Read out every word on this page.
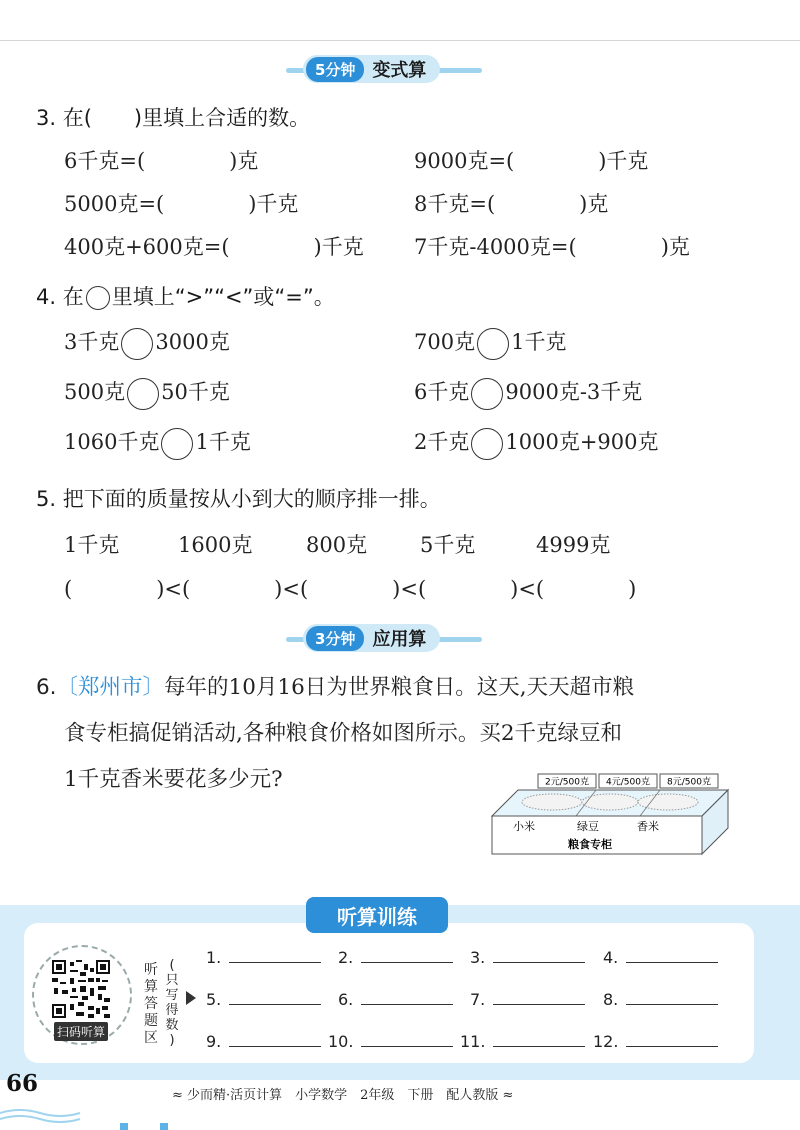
5分钟 变式算
3. 在(　　)里填上合适的数。
6千克=(　　　　)克	9000克=(　　　　)千克
5000克=(　　　　)千克	8千克=(　　　　)克
400克+600克=(　　　　)千克 7千克-4000克=(　　　　)克
4. 在 里填上“>”“<”或“=”。
3千克 3000克	700克 1千克
500克 50千克	6千克 9000克-3千克
1060千克 1千克	2千克 1000克+900克
5. 把下面的质量按从小到大的顺序排一排。
1千克	1600克	800克	5千克	4999克
(　　　　)<(　　　　)<(　　　　)<(　　　　)<(　　　　)
3分钟 应用算
6.〔郑州市〕每年的10月16日为世界粮食日。这天,天天超市粮
食专柜搞促销活动,各种粮食价格如图所示。买2千克绿豆和
1千克香米要花多少元?	2元/500克 4元/500克 8元/500克
小米	绿豆	香米
粮食专柜
听算训练
扫码听算
听
算
答
题
区
(
只
写
得
数
)
1.	2.	3.	4.
5.	6.	7.	8.
9.	10.	11.	12.
66	≈ 少而精·活页计算　小学数学　2年级　下册　配人教版 ≈
